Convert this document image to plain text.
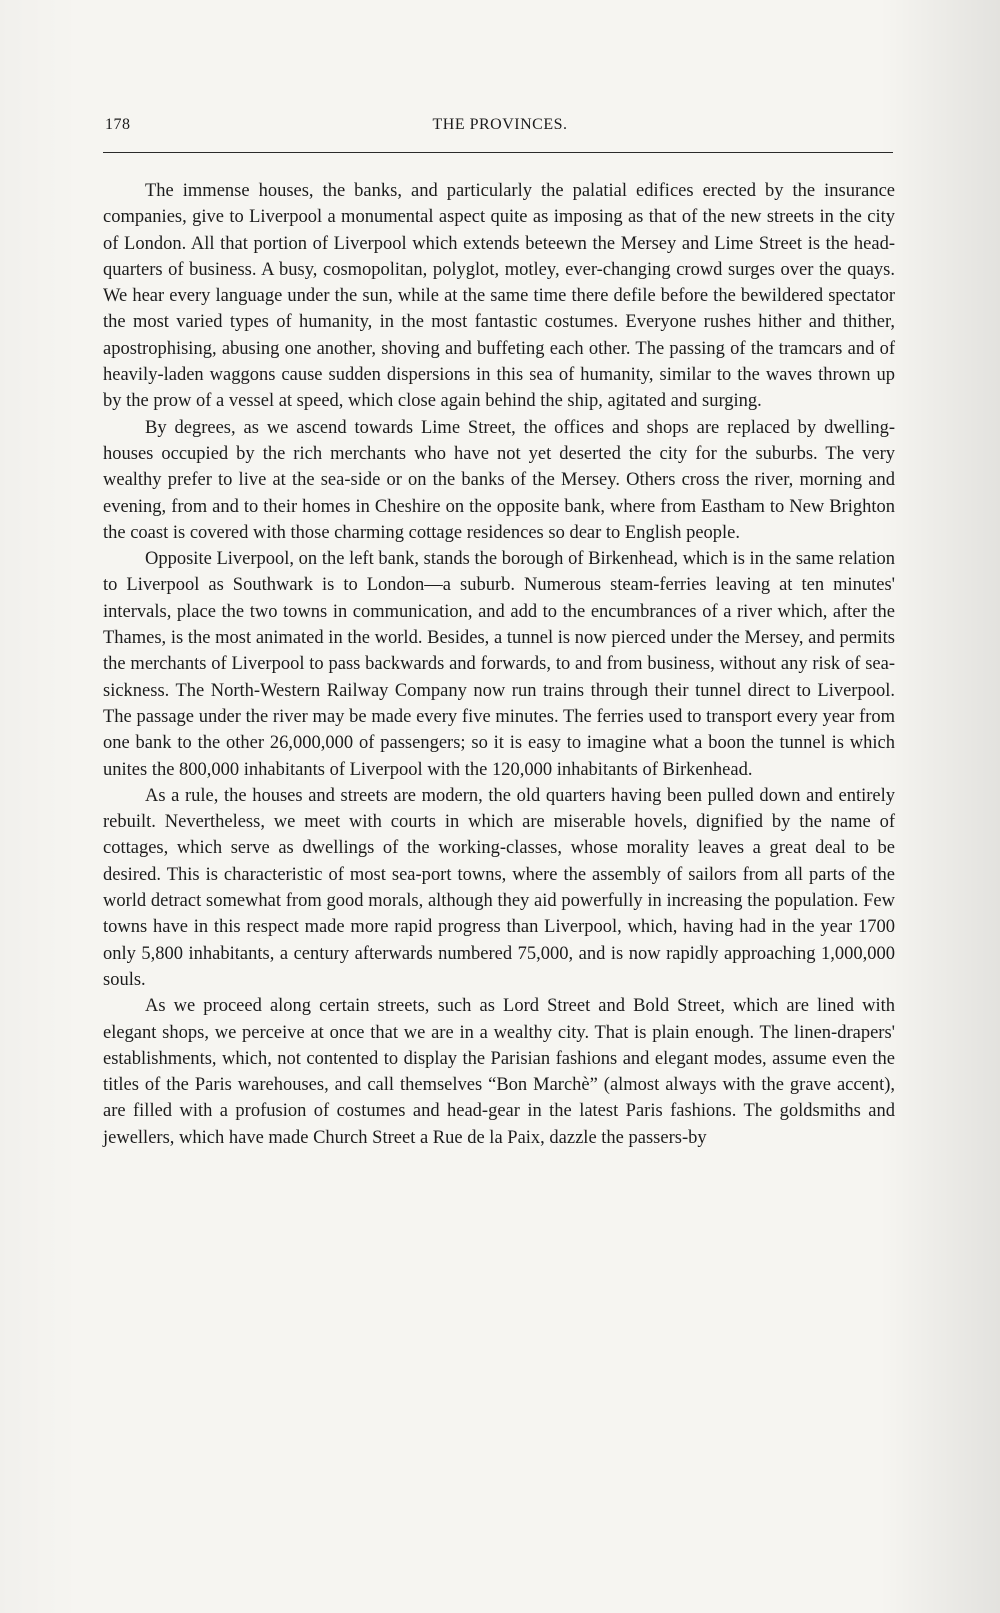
178	THE PROVINCES.

The immense houses, the banks, and particularly the palatial edifices erected by the insurance companies, give to Liverpool a monumental aspect quite as imposing as that of the new streets in the city of London. All that portion of Liverpool which extends beteewn the Mersey and Lime Street is the head-quarters of business. A busy, cosmopolitan, polyglot, motley, ever-changing crowd surges over the quays. We hear every language under the sun, while at the same time there defile before the bewildered spectator the most varied types of humanity, in the most fantastic costumes. Everyone rushes hither and thither, apostrophising, abusing one another, shoving and buffeting each other. The passing of the tramcars and of heavily-laden waggons cause sudden dispersions in this sea of humanity, similar to the waves thrown up by the prow of a vessel at speed, which close again behind the ship, agitated and surging.

By degrees, as we ascend towards Lime Street, the offices and shops are replaced by dwelling-houses occupied by the rich merchants who have not yet deserted the city for the suburbs. The very wealthy prefer to live at the sea-side or on the banks of the Mersey. Others cross the river, morning and evening, from and to their homes in Cheshire on the opposite bank, where from Eastham to New Brighton the coast is covered with those charming cottage residences so dear to English people.

Opposite Liverpool, on the left bank, stands the borough of Birkenhead, which is in the same relation to Liverpool as Southwark is to London—a suburb. Numerous steam-ferries leaving at ten minutes' intervals, place the two towns in communication, and add to the encumbrances of a river which, after the Thames, is the most animated in the world. Besides, a tunnel is now pierced under the Mersey, and permits the merchants of Liverpool to pass backwards and forwards, to and from business, without any risk of sea-sickness. The North-Western Railway Company now run trains through their tunnel direct to Liverpool. The passage under the river may be made every five minutes. The ferries used to transport every year from one bank to the other 26,000,000 of passengers; so it is easy to imagine what a boon the tunnel is which unites the 800,000 inhabitants of Liverpool with the 120,000 inhabitants of Birkenhead.

As a rule, the houses and streets are modern, the old quarters having been pulled down and entirely rebuilt. Nevertheless, we meet with courts in which are miserable hovels, dignified by the name of cottages, which serve as dwellings of the working-classes, whose morality leaves a great deal to be desired. This is characteristic of most sea-port towns, where the assembly of sailors from all parts of the world detract somewhat from good morals, although they aid powerfully in increasing the population. Few towns have in this respect made more rapid progress than Liverpool, which, having had in the year 1700 only 5,800 inhabitants, a century afterwards numbered 75,000, and is now rapidly approaching 1,000,000 souls.

As we proceed along certain streets, such as Lord Street and Bold Street, which are lined with elegant shops, we perceive at once that we are in a wealthy city. That is plain enough. The linen-drapers' establishments, which, not contented to display the Parisian fashions and elegant modes, assume even the titles of the Paris warehouses, and call themselves “Bon Marchè” (almost always with the grave accent), are filled with a profusion of costumes and head-gear in the latest Paris fashions. The goldsmiths and jewellers, which have made Church Street a Rue de la Paix, dazzle the passers-by
